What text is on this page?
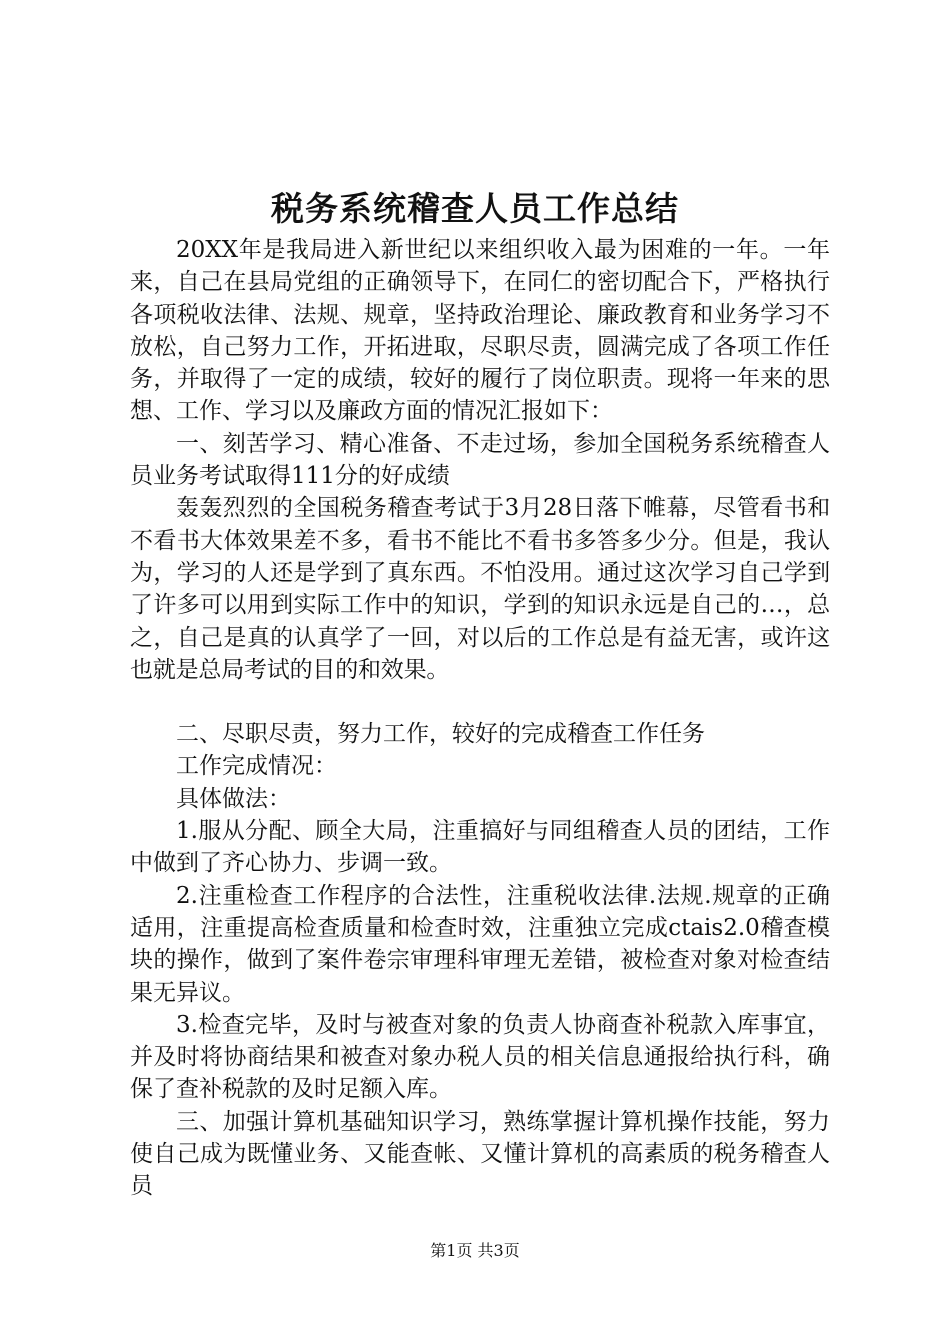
税务系统稽查人员工作总结

20XX年是我局进入新世纪以来组织收入最为困难的一年。一年来，自己在县局党组的正确领导下，在同仁的密切配合下，严格执行各项税收法律、法规、规章，坚持政治理论、廉政教育和业务学习不放松，自己努力工作，开拓进取，尽职尽责，圆满完成了各项工作任务，并取得了一定的成绩，较好的履行了岗位职责。现将一年来的思想、工作、学习以及廉政方面的情况汇报如下：

一、刻苦学习、精心准备、不走过场，参加全国税务系统稽查人员业务考试取得111分的好成绩

轰轰烈烈的全国税务稽查考试于3月28日落下帷幕，尽管看书和不看书大体效果差不多，看书不能比不看书多答多少分。但是，我认为，学习的人还是学到了真东西。不怕没用。通过这次学习自己学到了许多可以用到实际工作中的知识，学到的知识永远是自己的…，总之，自己是真的认真学了一回，对以后的工作总是有益无害，或许这也就是总局考试的目的和效果。

二、尽职尽责，努力工作，较好的完成稽查工作任务

工作完成情况：

具体做法：

1.服从分配、顾全大局，注重搞好与同组稽查人员的团结，工作中做到了齐心协力、步调一致。

2.注重检查工作程序的合法性，注重税收法律.法规.规章的正确适用，注重提高检查质量和检查时效，注重独立完成ctais2.0稽查模块的操作，做到了案件卷宗审理科审理无差错，被检查对象对检查结果无异议。

3.检查完毕，及时与被查对象的负责人协商查补税款入库事宜，并及时将协商结果和被查对象办税人员的相关信息通报给执行科，确保了查补税款的及时足额入库。

三、加强计算机基础知识学习，熟练掌握计算机操作技能，努力使自己成为既懂业务、又能查帐、又懂计算机的高素质的税务稽查人员

第1页 共3页
